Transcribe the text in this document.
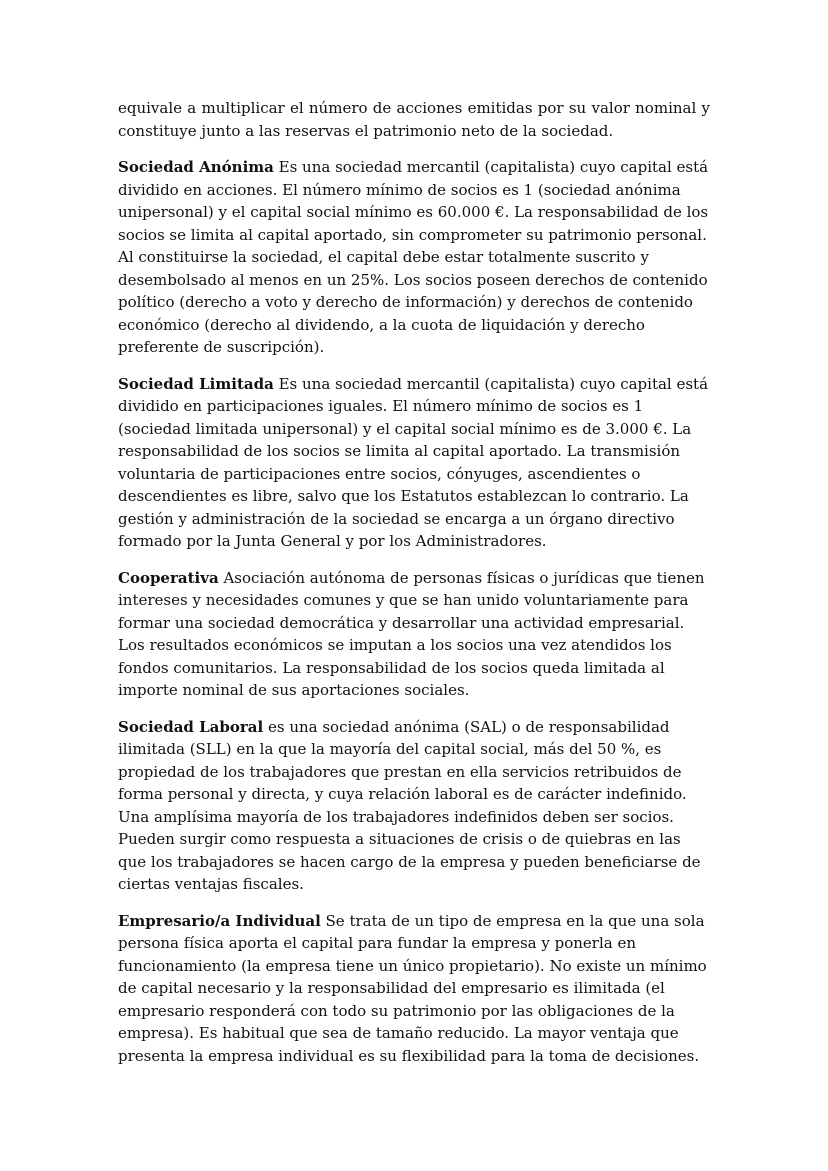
equivale a multiplicar el número de acciones emitidas por su valor nominal y constituye junto a las reservas el patrimonio neto de la sociedad.

Sociedad Anónima Es una sociedad mercantil (capitalista) cuyo capital está dividido en acciones. El número mínimo de socios es 1 (sociedad anónima unipersonal) y el capital social mínimo es 60.000 €. La responsabilidad de los socios se limita al capital aportado, sin comprometer su patrimonio personal. Al constituirse la sociedad, el capital debe estar totalmente suscrito y desembolsado al menos en un 25%. Los socios poseen derechos de contenido político (derecho a voto y derecho de información) y derechos de contenido económico (derecho al dividendo, a la cuota de liquidación y derecho preferente de suscripción).

Sociedad Limitada Es una sociedad mercantil (capitalista) cuyo capital está dividido en participaciones iguales. El número mínimo de socios es 1 (sociedad limitada unipersonal) y el capital social mínimo es de 3.000 €. La responsabilidad de los socios se limita al capital aportado. La transmisión voluntaria de participaciones entre socios, cónyuges, ascendientes o descendientes es libre, salvo que los Estatutos establezcan lo contrario. La gestión y administración de la sociedad se encarga a un órgano directivo formado por la Junta General y por los Administradores.

Cooperativa Asociación autónoma de personas físicas o jurídicas que tienen intereses y necesidades comunes y que se han unido voluntariamente para formar una sociedad democrática y desarrollar una actividad empresarial. Los resultados económicos se imputan a los socios una vez atendidos los fondos comunitarios. La responsabilidad de los socios queda limitada al importe nominal de sus aportaciones sociales.

Sociedad Laboral es una sociedad anónima (SAL) o de responsabilidad ilimitada (SLL) en la que la mayoría del capital social, más del 50 %, es propiedad de los trabajadores que prestan en ella servicios retribuidos de forma personal y directa, y cuya relación laboral es de carácter indefinido. Una amplísima mayoría de los trabajadores indefinidos deben ser socios. Pueden surgir como respuesta a situaciones de crisis o de quiebras en las que los trabajadores se hacen cargo de la empresa y pueden beneficiarse de ciertas ventajas fiscales.

Empresario/a Individual Se trata de un tipo de empresa en la que una sola persona física aporta el capital para fundar la empresa y ponerla en funcionamiento (la empresa tiene un único propietario). No existe un mínimo de capital necesario y la responsabilidad del empresario es ilimitada (el empresario responderá con todo su patrimonio por las obligaciones de la empresa). Es habitual que sea de tamaño reducido. La mayor ventaja que presenta la empresa individual es su flexibilidad para la toma de decisiones.
